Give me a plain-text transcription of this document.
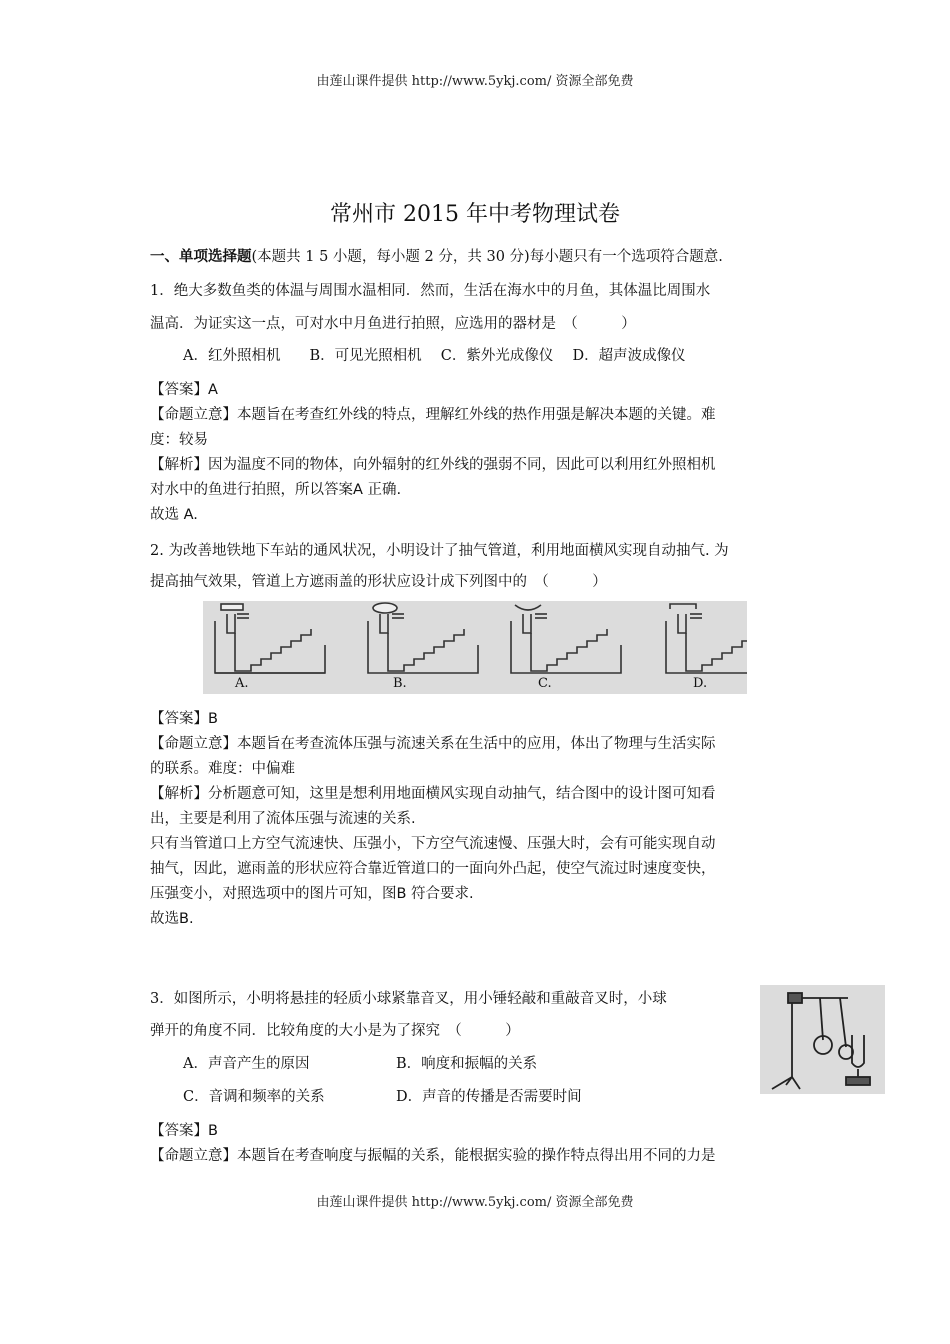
由莲山课件提供 http://www.5ykj.com/ 资源全部免费
常州市 2015 年中考物理试卷
一、单项选择题(本题共 1 5 小题，每小题 2 分，共 30 分)每小题只有一个选项符合题意.
1．绝大多数鱼类的体温与周围水温相同．然而，生活在海水中的月鱼，其体温比周围水
温高．为证实这一点，可对水中月鱼进行拍照，应选用的器材是　（　　　）
A．红外照相机　　B．可见光照相机　 C．紫外光成像仪　 D．超声波成像仪
【答案】A
【命题立意】本题旨在考查红外线的特点，理解红外线的热作用强是解决本题的关键。难
度：较易
【解析】因为温度不同的物体，向外辐射的红外线的强弱不同，因此可以利用红外照相机
对水中的鱼进行拍照，所以答案A 正确.
故选 A.
2. 为改善地铁地下车站的通风状况，小明设计了抽气管道，利用地面横风实现自动抽气. 为
提高抽气效果，管道上方遮雨盖的形状应设计成下列图中的　（　　　）
A.	B.	C.	D.
【答案】B
【命题立意】本题旨在考查流体压强与流速关系在生活中的应用，体出了物理与生活实际
的联系。难度：中偏难
【解析】分析题意可知，这里是想利用地面横风实现自动抽气，结合图中的设计图可知看
出，主要是利用了流体压强与流速的关系.
只有当管道口上方空气流速快、压强小，下方空气流速慢、压强大时，会有可能实现自动
抽气，因此，遮雨盖的形状应符合靠近管道口的一面向外凸起，使空气流过时速度变快，
压强变小，对照选项中的图片可知，图B 符合要求.
故选B.
3．如图所示，小明将悬挂的轻质小球紧靠音叉，用小锤轻敲和重敲音叉时，小球
弹开的角度不同．比较角度的大小是为了探究　（　　　）
A．声音产生的原因	B．响度和振幅的关系
C．音调和频率的关系	D．声音的传播是否需要时间
【答案】B
【命题立意】本题旨在考查响度与振幅的关系，能根据实验的操作特点得出用不同的力是
由莲山课件提供 http://www.5ykj.com/ 资源全部免费
